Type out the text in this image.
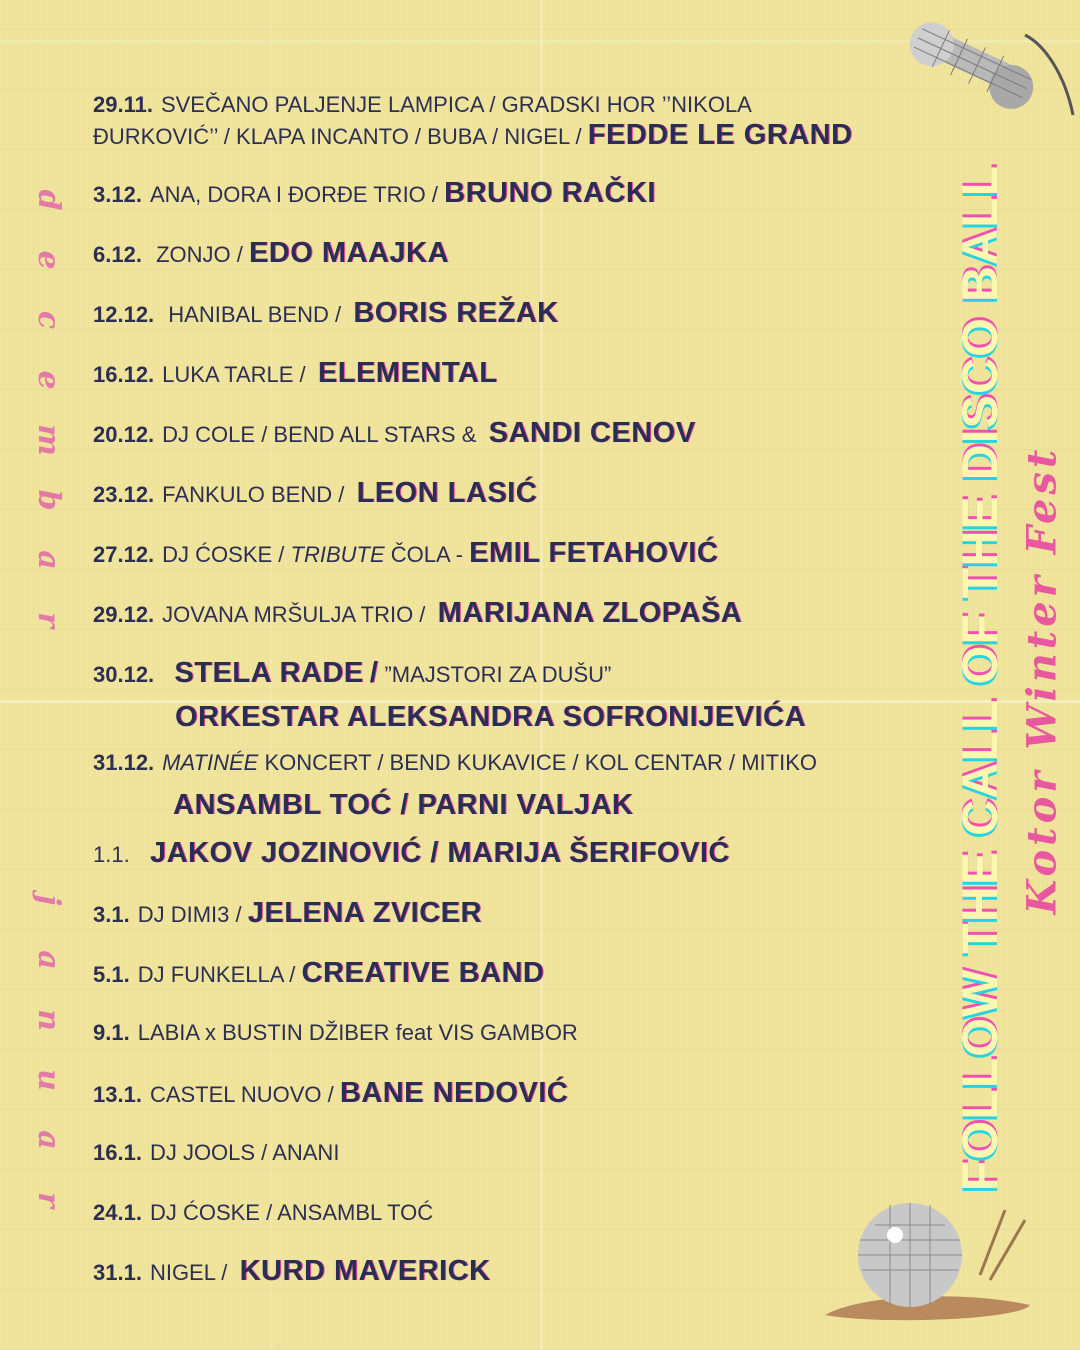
d
e
c
e
m
b
a
r
j
a
n
u
a
r
FOLLOW THE CALL OF THE DISCO BALL Kotor Winter Fest
29.11. SVEČANO PALJENJE LAMPICA / GRADSKI HOR ’’NIKOLA
ĐURKOVIĆ’’ / KLAPA INCANTO / BUBA / NIGEL / FEDDE LE GRAND
3.12. ANA, DORA I ĐORĐE TRIO / BRUNO RAČKI
6.12. ZONJO / EDO MAAJKA
12.12. HANIBAL BEND / BORIS REŽAK
16.12. LUKA TARLE / ELEMENTAL
20.12. DJ COLE / BEND ALL STARS & SANDI CENOV
23.12. FANKULO BEND / LEON LASIĆ
27.12. DJ ĆOSKE / TRIBUTE ČOLA - EMIL FETAHOVIĆ
29.12. JOVANA MRŠULJA TRIO / MARIJANA ZLOPAŠA
30.12. STELA RADE / ”MAJSTORI ZA DUŠU”
ORKESTAR ALEKSANDRA SOFRONIJEVIĆA
31.12. MATINÉE KONCERT / BEND KUKAVICE / KOL CENTAR / MITIKO
ANSAMBL TOĆ / PARNI VALJAK
1.1. JAKOV JOZINOVIĆ / MARIJA ŠERIFOVIĆ
3.1. DJ DIMI3 / JELENA ZVICER
5.1. DJ FUNKELLA / CREATIVE BAND
9.1. LABIA x BUSTIN DŽIBER feat VIS GAMBOR
13.1. CASTEL NUOVO / BANE NEDOVIĆ
16.1. DJ JOOLS / ANANI
24.1. DJ ĆOSKE / ANSAMBL TOĆ
31.1. NIGEL / KURD MAVERICK
